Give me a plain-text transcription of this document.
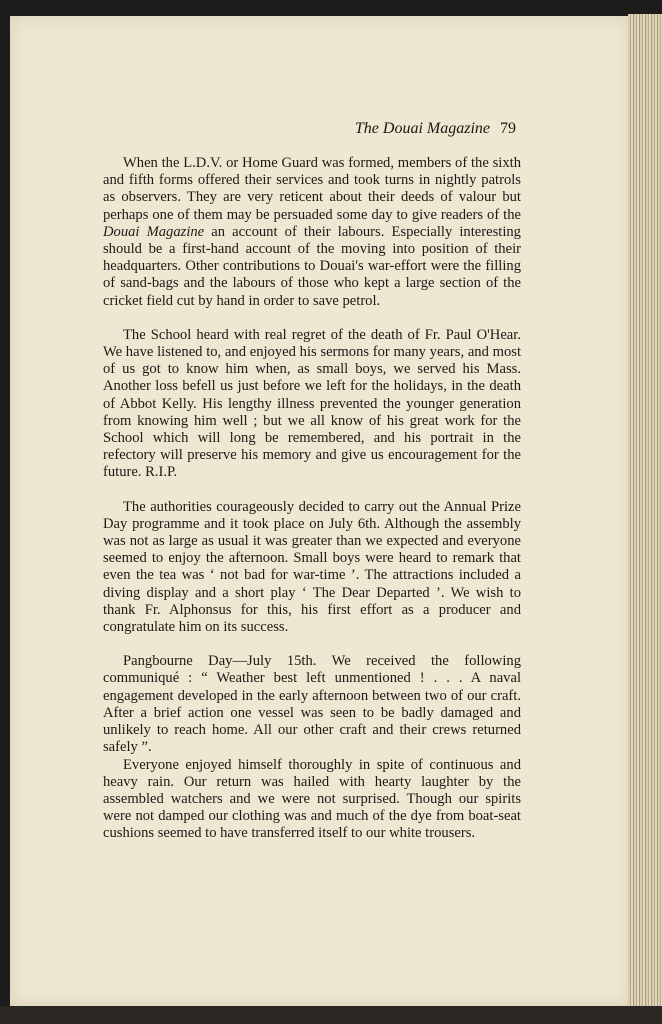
The Douai Magazine 79

When the L.D.V. or Home Guard was formed, members of the sixth and fifth forms offered their services and took turns in nightly patrols as observers. They are very reticent about their deeds of valour but perhaps one of them may be persuaded some day to give readers of the Douai Magazine an account of their labours. Especially interesting should be a first-hand account of the moving into position of their headquarters. Other contributions to Douai's war-effort were the filling of sand-bags and the labours of those who kept a large section of the cricket field cut by hand in order to save petrol.

The School heard with real regret of the death of Fr. Paul O'Hear. We have listened to, and enjoyed his sermons for many years, and most of us got to know him when, as small boys, we served his Mass. Another loss befell us just before we left for the holidays, in the death of Abbot Kelly. His lengthy illness prevented the younger generation from knowing him well ; but we all know of his great work for the School which will long be remembered, and his portrait in the refectory will preserve his memory and give us encouragement for the future. R.I.P.

The authorities courageously decided to carry out the Annual Prize Day programme and it took place on July 6th. Although the assembly was not as large as usual it was greater than we expected and everyone seemed to enjoy the afternoon. Small boys were heard to remark that even the tea was ‘ not bad for war-time ’. The attractions included a diving display and a short play ‘ The Dear Departed ’. We wish to thank Fr. Alphonsus for this, his first effort as a producer and congratulate him on its success.

Pangbourne Day—July 15th. We received the following communiqué : “ Weather best left unmentioned ! . . . A naval engagement developed in the early afternoon between two of our craft. After a brief action one vessel was seen to be badly damaged and unlikely to reach home. All our other craft and their crews returned safely ”.

Everyone enjoyed himself thoroughly in spite of continuous and heavy rain. Our return was hailed with hearty laughter by the assembled watchers and we were not surprised. Though our spirits were not damped our clothing was and much of the dye from boat-seat cushions seemed to have transferred itself to our white trousers.
